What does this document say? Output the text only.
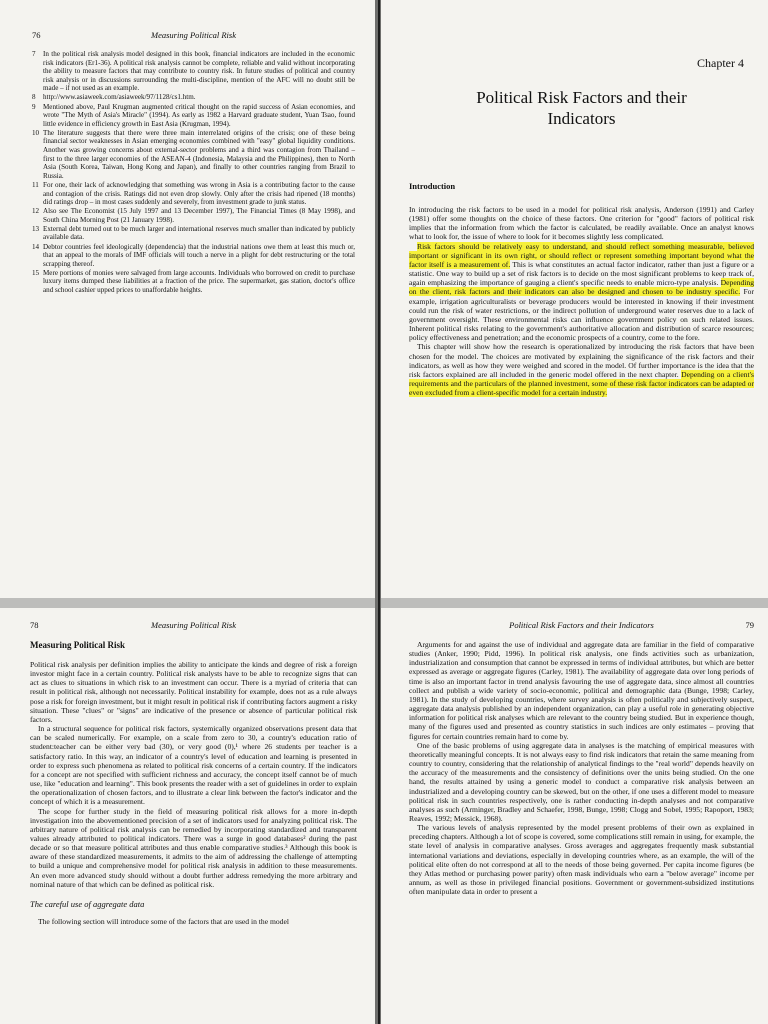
76	Measuring Political Risk
7	In the political risk analysis model designed in this book, financial indicators are included in the economic risk indicators (Er1-36). A political risk analysis cannot be complete, reliable and valid without incorporating the ability to measure factors that may contribute to country risk. In future studies of political and country risk analysis or in discussions surrounding the multi-discipline, mention of the AFC will no doubt still be made – if not used as an example.
8	http://www.asiaweek.com/asiaweek/97/1128/cs1.htm.
9	Mentioned above, Paul Krugman augmented critical thought on the rapid success of Asian economies, and wrote "The Myth of Asia's Miracle" (1994). As early as 1982 a Harvard graduate student, Yuan Tsao, found little evidence in efficiency growth in East Asia (Krugman, 1994).
10 The literature suggests that there were three main interrelated origins of the crisis; one of these being financial sector weaknesses in Asian emerging economies combined with "easy" global liquidity conditions. Another was growing concerns about external-sector problems and a third was contagion from Thailand – first to the three larger economies of the ASEAN-4 (Indonesia, Malaysia and the Philippines), then to North Asia (South Korea, Taiwan, Hong Kong and Japan), and finally to other countries ranging from Brazil to Russia.
11 For one, their lack of acknowledging that something was wrong in Asia is a contributing factor to the cause and contagion of the crisis. Ratings did not even drop slowly. Only after the crisis had ripened (18 months) did ratings drop – in most cases suddenly and severely, from investment grade to junk status.
12 Also see The Economist (15 July 1997 and 13 December 1997), The Financial Times (8 May 1998), and South China Morning Post (21 January 1998).
13 External debt turned out to be much larger and international reserves much smaller than indicated by publicly available data.
14 Debtor countries feel ideologically (dependencia) that the industrial nations owe them at least this much or, that an appeal to the morals of IMF officials will touch a nerve in a plight for debt restructuring or the total scrapping thereof.
15 Mere portions of monies were salvaged from large accounts. Individuals who borrowed on credit to purchase luxury items dumped these liabilities at a fraction of the price. The supermarket, gas station, doctor's office and school cashier upped prices to unaffordable heights.
Chapter 4
Political Risk Factors and their
Indicators
Introduction

In introducing the risk factors to be used in a model for political risk analysis, Anderson (1991) and Carley (1981) offer some thoughts on the choice of these factors. One criterion for "good" factors of political risk implies that the information from which the factor is calculated, be readily available. Once an analyst knows what to look for, the issue of where to look for it becomes slightly less complicated.

Risk factors should be relatively easy to understand, and should reflect something measurable, believed important or significant in its own right, or should reflect or represent something important beyond what the factor itself is a measurement of. This is what constitutes an actual factor indicator, rather than just a figure or a statistic. One way to build up a set of risk factors is to decide on the most significant problems to keep track of, again emphasizing the importance of gauging a client's specific needs to enable micro-type analysis. Depending on the client, risk factors and their indicators can also be designed and chosen to be industry specific. For example, irrigation agriculturalists or beverage producers would be interested in knowing if their investment could run the risk of water restrictions, or the indirect pollution of underground water reserves due to a lack of government oversight. These environmental risks can influence government policy on such related issues. Inherent political risks relating to the government's authoritative allocation and distribution of scarce resources; policy effectiveness and penetration; and the economic prospects of a country, come to the fore.

This chapter will show how the research is operationalized by introducing the risk factors that have been chosen for the model. The choices are motivated by explaining the significance of the risk factors and their indicators, as well as how they were weighed and scored in the model. Of further importance is the idea that the risk factors explained are all included in the generic model offered in the next chapter. Depending on a client's requirements and the particulars of the planned investment, some of these risk factor indicators can be adapted or even excluded from a client-specific model for a certain industry.

78	Measuring Political Risk
Measuring Political Risk

Political risk analysis per definition implies the ability to anticipate the kinds and degree of risk a foreign investor might face in a certain country. Political risk analysts have to be able to recognize signs that can act as clues to situations in which risk to an investment can occur. There is a myriad of criteria that can result in political risk, although not necessarily. Political instability for example, does not as a rule always pose a risk for foreign investment, but it might result in political risk if contributing factors augment a risky situation. These "clues" or "signs" are indicative of the presence or absence of particular political risk factors.

In a structural sequence for political risk factors, systemically organized observations present data that can be scaled numerically. For example, on a scale from zero to 30, a country's education ratio of student:teacher can be either very bad (30), or very good (0),¹ where 26 students per teacher is a satisfactory ratio. In this way, an indicator of a country's level of education and learning is presented in order to express such phenomena as related to political risk concerns of a certain country. If the indicators for a concept are not specified with sufficient richness and accuracy, the concept itself cannot be of much use, like "education and learning". This book presents the reader with a set of guidelines in order to explain the operationalization of chosen factors, and to illustrate a clear link between the factor's indicator and the concept of which it is a measurement.

The scope for further study in the field of measuring political risk allows for a more in-depth investigation into the abovementioned precision of a set of indicators used for analyzing political risk. The arbitrary nature of political risk analysis can be remedied by incorporating standardized and transparent values already attributed to political indicators. There was a surge in good databases² during the past decade or so that measure political attributes and thus enable comparative studies.³ Although this book is aware of these standardized measurements, it admits to the aim of addressing the challenge of attempting to build a unique and comprehensive model for political risk analysis in addition to these measurements. An even more advanced study should without a doubt further address remedying the more arbitrary and nominal nature of that which can be defined as political risk.

The careful use of aggregate data

The following section will introduce some of the factors that are used in the model

Political Risk Factors and their Indicators	79

Arguments for and against the use of individual and aggregate data are familiar in the field of comparative studies (Anker, 1990; Pidd, 1996). In political risk analysis, one finds activities such as urbanization, industrialization and consumption that cannot be expressed in terms of individual attributes, but which are better expressed as average or aggregate figures (Carley, 1981). The availability of aggregate data over long periods of time is also an important factor in trend analysis favouring the use of aggregate data, since almost all countries collect and publish a wide variety of socio-economic, political and demographic data (Bunge, 1998; Carley, 1981). In the study of developing countries, where survey analysis is often politically and subjectively suspect, aggregate data analysis published by an independent organization, can play a useful role in generating objective information for political risk analyses which are relevant to the country being studied. But in experience though, many of the figures used and presented as country statistics in such indices are only estimates – proving that figures for certain countries remain hard to come by.

One of the basic problems of using aggregate data in analyses is the matching of empirical measures with theoretically meaningful concepts. It is not always easy to find risk indicators that retain the same meaning from country to country, considering that the relationship of analytical findings to the "real world" depends heavily on the accuracy of the measurements and the consistency of definitions over the units being studied. On the one hand, the results attained by using a generic model to conduct a comparative risk analysis between an industrialized and a developing country can be skewed, but on the other, if one uses a different model to measure political risk in such countries respectively, one is rather conducting in-depth analyses and not comparative analyses as such (Arminger, Bradley and Schaefer, 1998, Bunge, 1998; Clogg and Sobel, 1995; Rapoport, 1983; Reaves, 1992; Messick, 1968).

The various levels of analysis represented by the model present problems of their own as explained in preceding chapters. Although a lot of scope is covered, some complications still remain in using, for example, the state level of analysis in comparative analyses. Gross averages and aggregates frequently mask substantial international variations and deviations, especially in developing countries where, as an example, the will of the political elite often do not correspond at all to the needs of those being governed. Per capita income figures (be they Atlas method or purchasing power parity) often mask individuals who earn a "below average" income per annum, as well as those in privileged financial positions. Government or government-subsidized institutions often manipulate data in order to present a
